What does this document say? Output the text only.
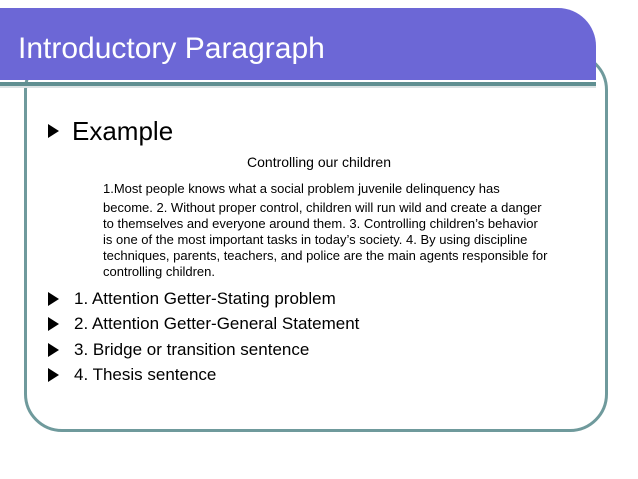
Introductory Paragraph
Example
Controlling our children
1.Most people knows what a social problem juvenile delinquency has
become. 2. Without proper control, children will run wild and create a danger
to themselves and everyone around them. 3. Controlling children’s behavior
is one of the most important tasks in today’s society. 4. By using discipline
techniques, parents, teachers, and police are the main agents responsible for
controlling children.
1. Attention Getter-Stating problem
2. Attention Getter-General Statement
3. Bridge or transition sentence
4. Thesis sentence
